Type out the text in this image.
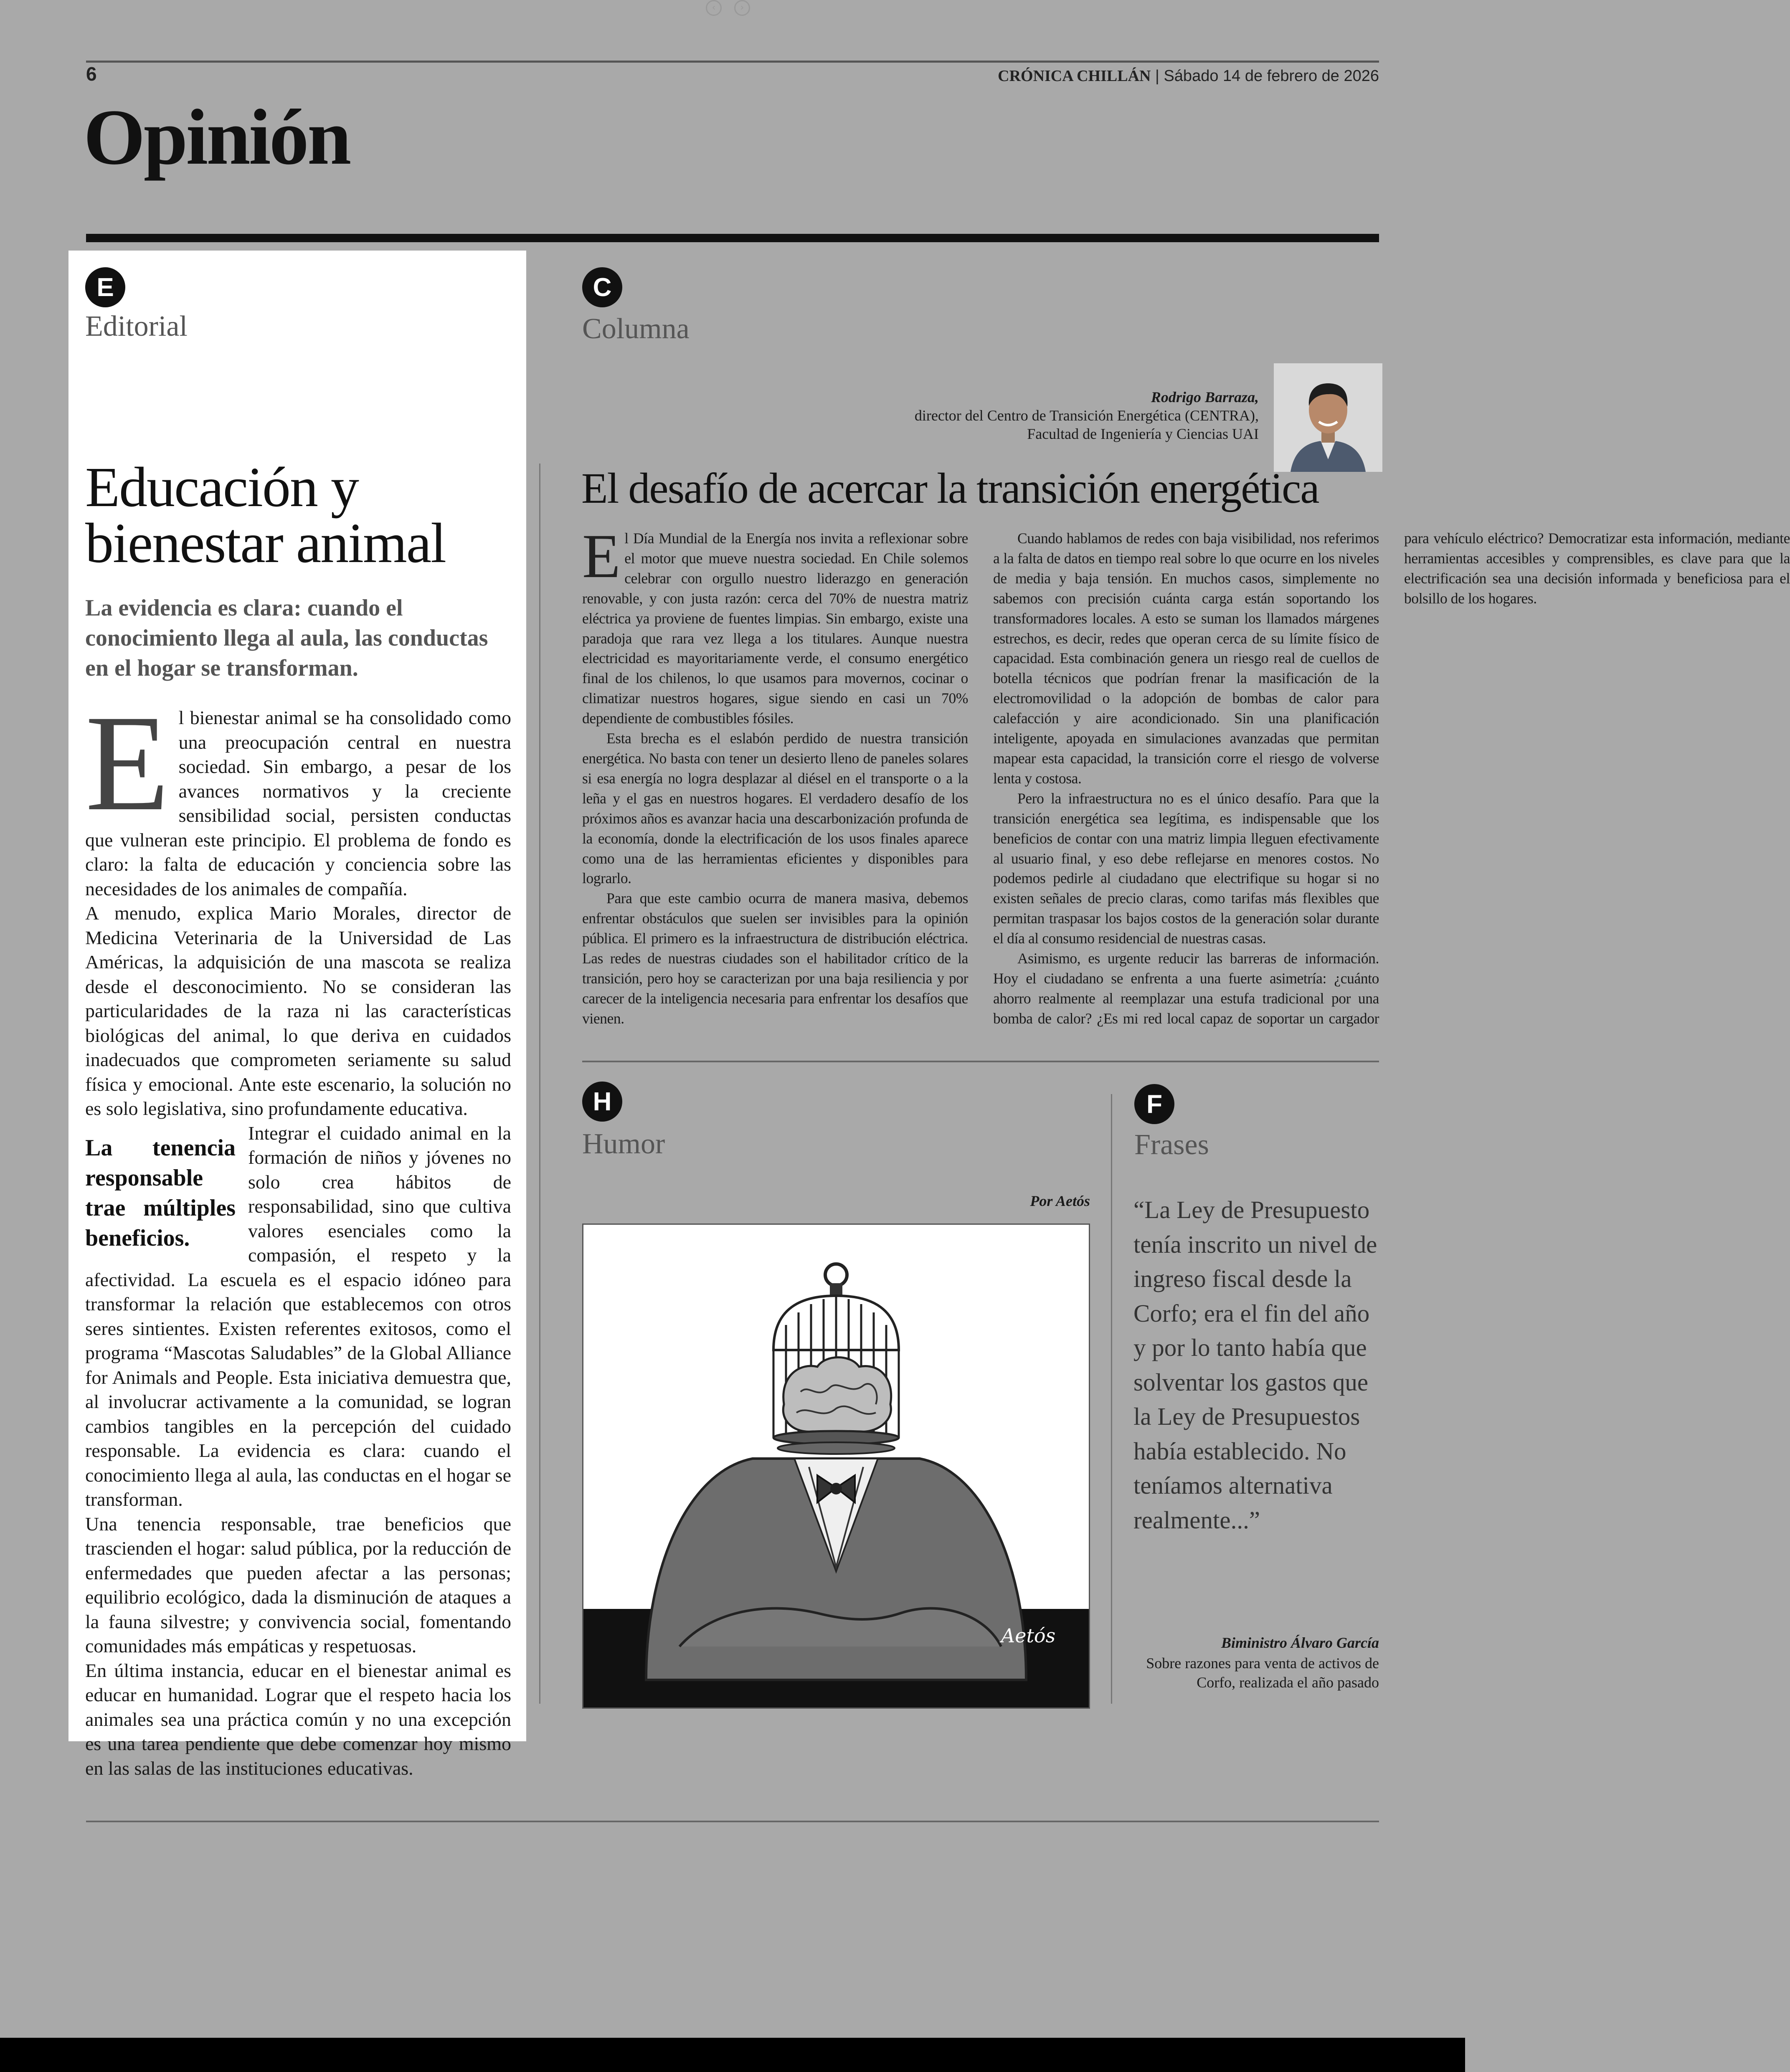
‹	›
6	CRÓNICA CHILLÁN | Sábado 14 de febrero de 2026
Opinión
E
Editorial
Educación y bienestar animal
La evidencia es clara: cuando el conocimiento llega al aula, las conductas en el hogar se transforman.

El bienestar animal se ha consolidado como una preocupación central en nuestra sociedad. Sin embargo, a pesar de los avances normativos y la creciente sensibilidad social, persisten conductas que vulneran este principio. El problema de fondo es claro: la falta de educación y conciencia sobre las necesidades de los animales de compañía.

A menudo, explica Mario Morales, director de Medicina Veterinaria de la Universidad de Las Américas, la adquisición de una mascota se realiza desde el desconocimiento. No se consideran las particularidades de la raza ni las características biológicas del animal, lo que deriva en cuidados inadecuados que comprometen seriamente su salud física y emocional. Ante este escenario, la solución no es solo legislativa, sino profundamente educativa.

La tenencia responsable trae múltiples beneficios.
Integrar el cuidado animal en la formación de niños y jóvenes no solo crea hábitos de responsabilidad, sino que cultiva valores esenciales como la compasión, el respeto y la afectividad. La escuela es el espacio idóneo para transformar la relación que establecemos con otros seres sintientes. Existen referentes exitosos, como el programa “Mascotas Saludables” de la Global Alliance for Animals and People. Esta iniciativa demuestra que, al involucrar activamente a la comunidad, se logran cambios tangibles en la percepción del cuidado responsable. La evidencia es clara: cuando el conocimiento llega al aula, las conductas en el hogar se transforman.

Una tenencia responsable, trae beneficios que trascienden el hogar: salud pública, por la reducción de enfermedades que pueden afectar a las personas; equilibrio ecológico, dada la disminución de ataques a la fauna silvestre; y convivencia social, fomentando comunidades más empáticas y respetuosas.

En última instancia, educar en el bienestar animal es educar en humanidad. Lograr que el respeto hacia los animales sea una práctica común y no una excepción es una tarea pendiente que debe comenzar hoy mismo en las salas de las instituciones educativas.

C
Columna
Rodrigo Barraza,
director del Centro de Transición Energética (CENTRA), Facultad de Ingeniería y Ciencias UAI
El desafío de acercar la transición energética

El Día Mundial de la Energía nos invita a reflexionar sobre el motor que mueve nuestra sociedad. En Chile solemos celebrar con orgullo nuestro liderazgo en generación renovable, y con justa razón: cerca del 70% de nuestra matriz eléctrica ya proviene de fuentes limpias. Sin embargo, existe una paradoja que rara vez llega a los titulares. Aunque nuestra electricidad es mayoritariamente verde, el consumo energético final de los chilenos, lo que usamos para movernos, cocinar o climatizar nuestros hogares, sigue siendo en casi un 70% dependiente de combustibles fósiles.

Esta brecha es el eslabón perdido de nuestra transición energética. No basta con tener un desierto lleno de paneles solares si esa energía no logra desplazar al diésel en el transporte o a la leña y el gas en nuestros hogares. El verdadero desafío de los próximos años es avanzar hacia una descarbonización profunda de la economía, donde la electrificación de los usos finales aparece como una de las herramientas eficientes y disponibles para lograrlo.

Para que este cambio ocurra de manera masiva, debemos enfrentar obstáculos que suelen ser invisibles para la opinión pública. El primero es la infraestructura de distribución eléctrica. Las redes de nuestras ciudades son el habilitador crítico de la transición, pero hoy se caracterizan por una baja resiliencia y por carecer de la inteligencia necesaria para enfrentar los desafíos que vienen.

Cuando hablamos de redes con baja visibilidad, nos referimos a la falta de datos en tiempo real sobre lo que ocurre en los niveles de media y baja tensión. En muchos casos, simplemente no sabemos con precisión cuánta carga están soportando los transformadores locales. A esto se suman los llamados márgenes estrechos, es decir, redes que operan cerca de su límite físico de capacidad. Esta combinación genera un riesgo real de cuellos de botella técnicos que podrían frenar la masificación de la electromovilidad o la adopción de bombas de calor para calefacción y aire acondicionado. Sin una planificación inteligente, apoyada en simulaciones avanzadas que permitan mapear esta capacidad, la transición corre el riesgo de volverse lenta y costosa.

Pero la infraestructura no es el único desafío. Para que la transición energética sea legítima, es indispensable que los beneficios de contar con una matriz limpia lleguen efectivamente al usuario final, y eso debe reflejarse en menores costos. No podemos pedirle al ciudadano que electrifique su hogar si no existen señales de precio claras, como tarifas más flexibles que permitan traspasar los bajos costos de la generación solar durante el día al consumo residencial de nuestras casas.

Asimismo, es urgente reducir las barreras de información. Hoy el ciudadano se enfrenta a una fuerte asimetría: ¿cuánto ahorro realmente al reemplazar una estufa tradicional por una bomba de calor? ¿Es mi red local capaz de soportar un cargador para vehículo eléctrico? Democratizar esta información, mediante herramientas accesibles y comprensibles, es clave para que la electrificación sea una decisión informada y beneficiosa para el bolsillo de los hogares.

H
Humor
Por Aetós
Aetós
F
Frases
“La Ley de Presupuesto tenía inscrito un nivel de ingreso fiscal desde la Corfo; era el fin del año y por lo tanto había que solventar los gastos que la Ley de Presupuestos había establecido. No teníamos alternativa realmente...”
Biministro Álvaro García
Sobre razones para venta de activos de Corfo, realizada el año pasado
